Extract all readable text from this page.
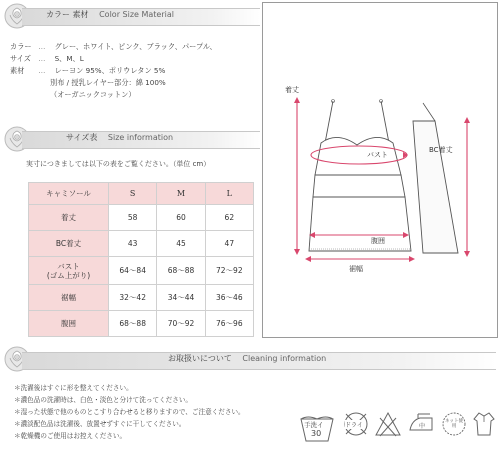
カラー 素材 Color Size Material
カラー … グレー、ホワイト、ピンク、ブラック、パープル、
サイズ … S、M、L
素材 … レーヨン 95%、ポリウレタン 5%
別布 / 授乳レイヤー部分：綿 100%
（オーガニックコットン）
サイズ表 Size information
実寸につきましては以下の表をご覧ください。（単位 cm）
キャミソール	S	M	L
着丈	58	60	62
BC着丈	43	45	47

バスト
(ゴム上がり)	64～84	68～88	72～92
裾幅	32～42	34～44	36～46
腹囲	68～88	70～92	76～96
着丈
バスト
BC着丈
腹囲
裾幅
お取扱いについて Cleaning information
＊洗濯後はすぐに形を整えてください。
＊濃色品の洗濯時は、白色・淡色と分けて洗ってください。
＊湿った状態で他のものとこすり合わせると移りますので、ご注意ください。
＊濃淡配色品は洗濯後、放置せずすぐに干してください。
＊乾燥機のご使用はお控えください。
手洗イ
30
ドライ	中
ネット使用
